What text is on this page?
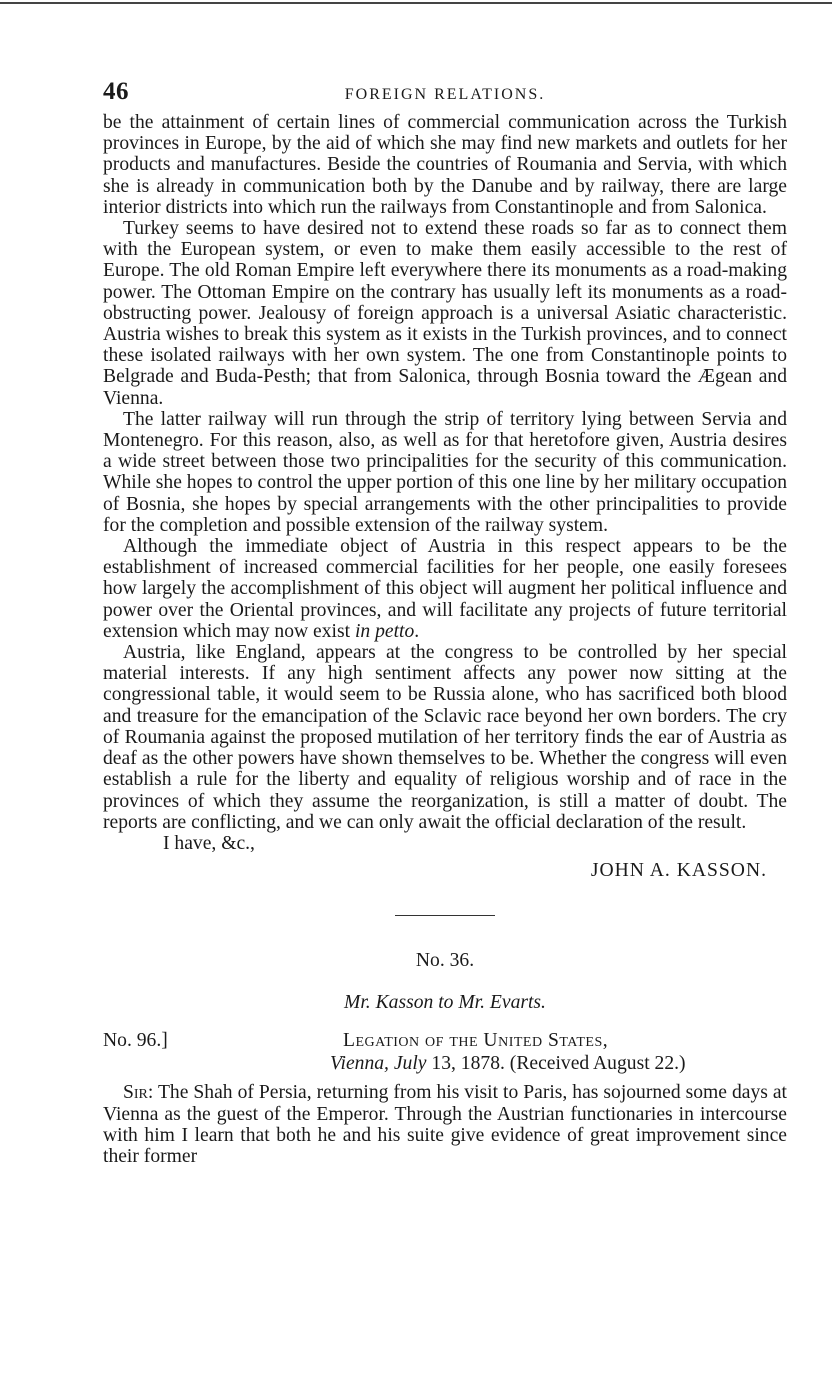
46	FOREIGN RELATIONS.

be the attainment of certain lines of commercial communication across the Turkish provinces in Europe, by the aid of which she may find new markets and outlets for her products and manufactures. Beside the countries of Roumania and Servia, with which she is already in communication both by the Danube and by railway, there are large interior districts into which run the railways from Constantinople and from Salonica.

Turkey seems to have desired not to extend these roads so far as to connect them with the European system, or even to make them easily accessible to the rest of Europe. The old Roman Empire left everywhere there its monuments as a road-making power. The Ottoman Empire on the contrary has usually left its monuments as a road-obstructing power. Jealousy of foreign approach is a universal Asiatic characteristic. Austria wishes to break this system as it exists in the Turkish provinces, and to connect these isolated railways with her own system. The one from Constantinople points to Belgrade and Buda-Pesth; that from Salonica, through Bosnia toward the Ægean and Vienna.

The latter railway will run through the strip of territory lying between Servia and Montenegro. For this reason, also, as well as for that heretofore given, Austria desires a wide street between those two principalities for the security of this communication. While she hopes to control the upper portion of this one line by her military occupation of Bosnia, she hopes by special arrangements with the other principalities to provide for the completion and possible extension of the railway system.

Although the immediate object of Austria in this respect appears to be the establishment of increased commercial facilities for her people, one easily foresees how largely the accomplishment of this object will augment her political influence and power over the Oriental provinces, and will facilitate any projects of future territorial extension which may now exist in petto.

Austria, like England, appears at the congress to be controlled by her special material interests. If any high sentiment affects any power now sitting at the congressional table, it would seem to be Russia alone, who has sacrificed both blood and treasure for the emancipation of the Sclavic race beyond her own borders. The cry of Roumania against the proposed mutilation of her territory finds the ear of Austria as deaf as the other powers have shown themselves to be. Whether the congress will even establish a rule for the liberty and equality of religious worship and of race in the provinces of which they assume the reorganization, is still a matter of doubt. The reports are conflicting, and we can only await the official declaration of the result.

I have, &c.,
JOHN A. KASSON.
No. 36.
Mr. Kasson to Mr. Evarts.
No. 96.]	Legation of the United States,
Vienna, July 13, 1878. (Received August 22.)

Sir: The Shah of Persia, returning from his visit to Paris, has sojourned some days at Vienna as the guest of the Emperor. Through the Austrian functionaries in intercourse with him I learn that both he and his suite give evidence of great improvement since their former
